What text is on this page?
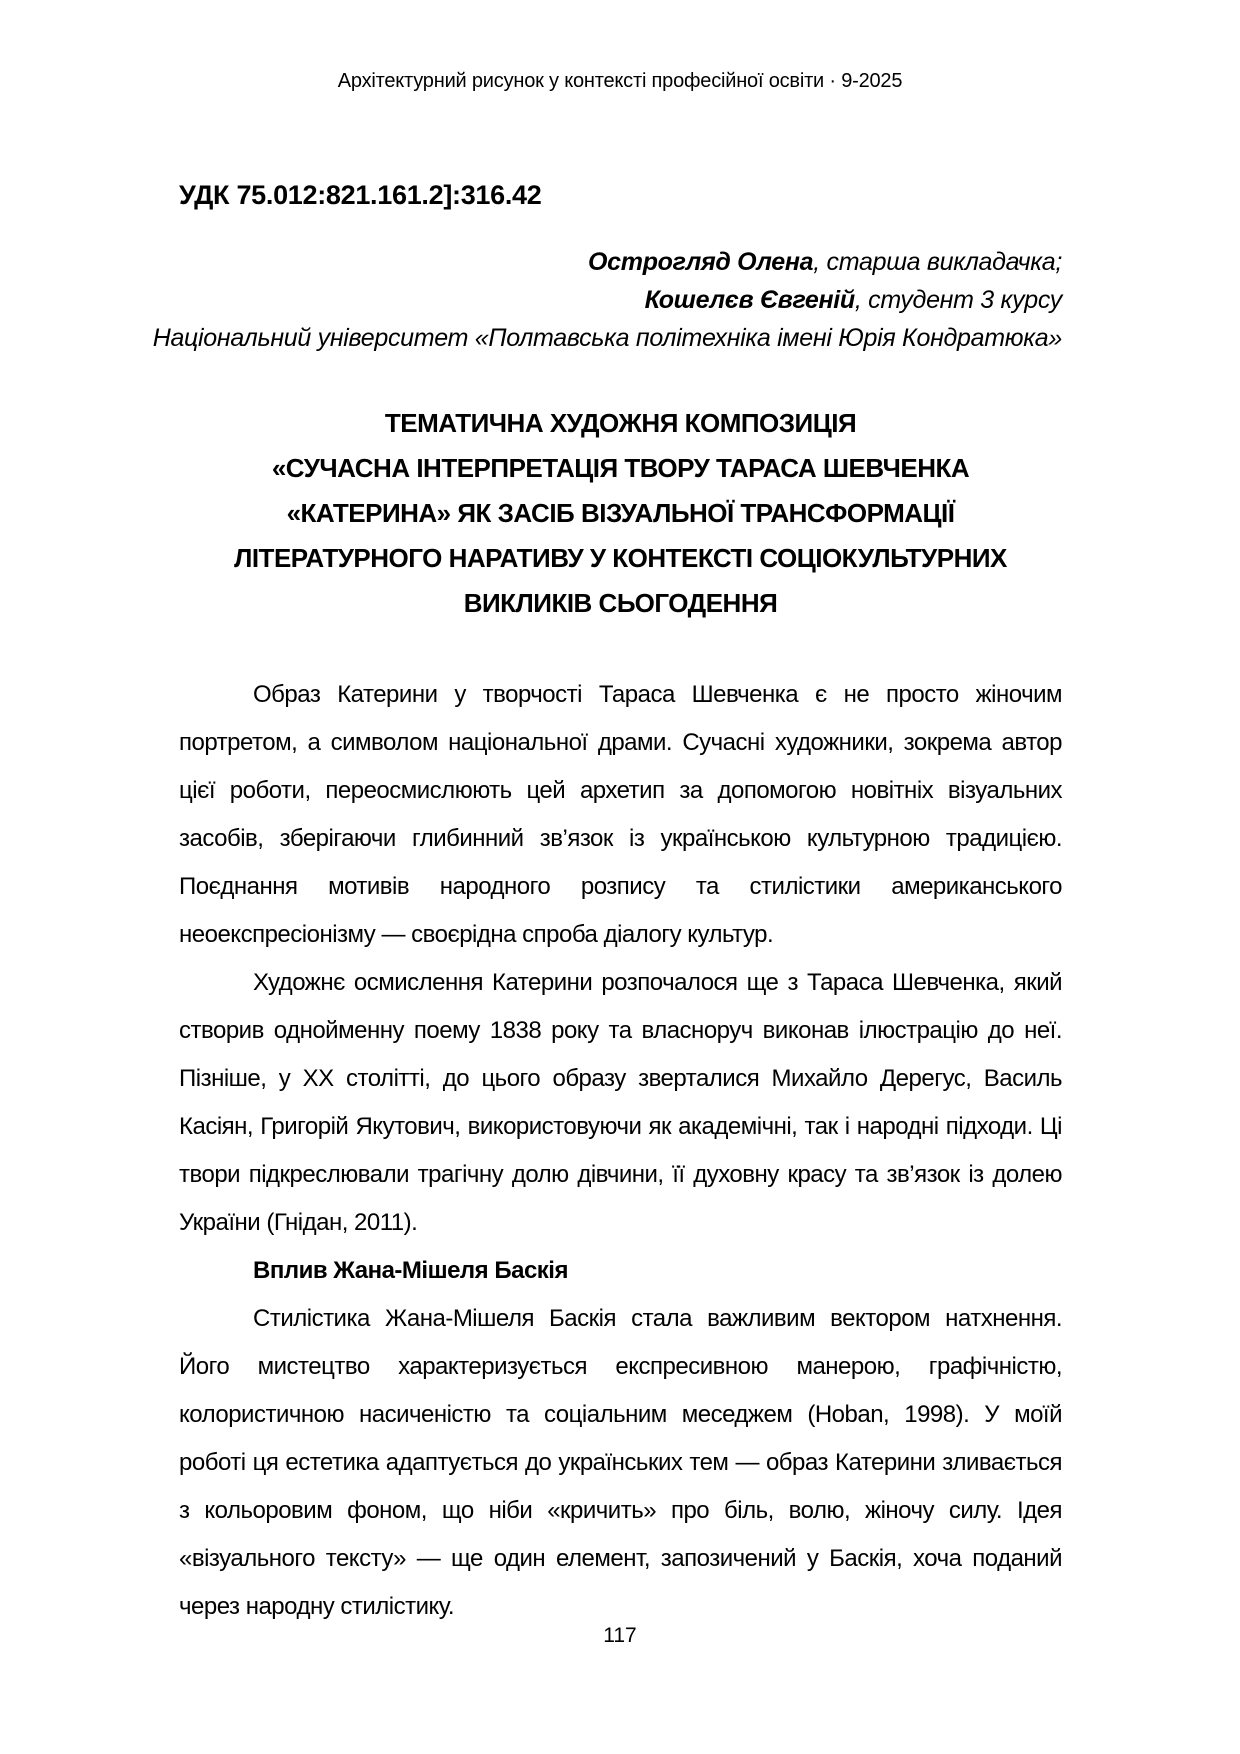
Архітектурний рисунок у контексті професійної освіти · 9-2025
УДК 75.012:821.161.2]:316.42
Острогляд Олена, старша викладачка;
Кошелєв Євгеній, студент 3 курсу
Національний університет «Полтавська політехніка імені Юрія Кондратюка»
ТЕМАТИЧНА ХУДОЖНЯ КОМПОЗИЦІЯ
«СУЧАСНА ІНТЕРПРЕТАЦІЯ ТВОРУ ТАРАСА ШЕВЧЕНКА
«КАТЕРИНА» ЯК ЗАСІБ ВІЗУАЛЬНОЇ ТРАНСФОРМАЦІЇ
ЛІТЕРАТУРНОГО НАРАТИВУ У КОНТЕКСТІ СОЦІОКУЛЬТУРНИХ
ВИКЛИКІВ СЬОГОДЕННЯ

Образ Катерини у творчості Тараса Шевченка є не просто жіночим портретом, а символом національної драми. Сучасні художники, зокрема автор цієї роботи, переосмислюють цей архетип за допомогою новітніх візуальних засобів, зберігаючи глибинний зв’язок із українською культурною традицією. Поєднання мотивів народного розпису та стилістики американського неоекспресіонізму — своєрідна спроба діалогу культур.

Художнє осмислення Катерини розпочалося ще з Тараса Шевченка, який створив однойменну поему 1838 року та власноруч виконав ілюстрацію до неї. Пізніше, у XX столітті, до цього образу зверталися Михайло Дерегус, Василь Касіян, Григорій Якутович, використовуючи як академічні, так і народні підходи. Ці твори підкреслювали трагічну долю дівчини, її духовну красу та зв’язок із долею України (Гнідан, 2011).

Вплив Жана-Мішеля Баскія

Стилістика Жана-Мішеля Баскія стала важливим вектором натхнення. Його мистецтво характеризується експресивною манерою, графічністю, колористичною насиченістю та соціальним меседжем (Hoban, 1998). У моїй роботі ця естетика адаптується до українських тем — образ Катерини зливається з кольоровим фоном, що ніби «кричить» про біль, волю, жіночу силу. Ідея «візуального тексту» — ще один елемент, запозичений у Баскія, хоча поданий через народну стилістику.

117
